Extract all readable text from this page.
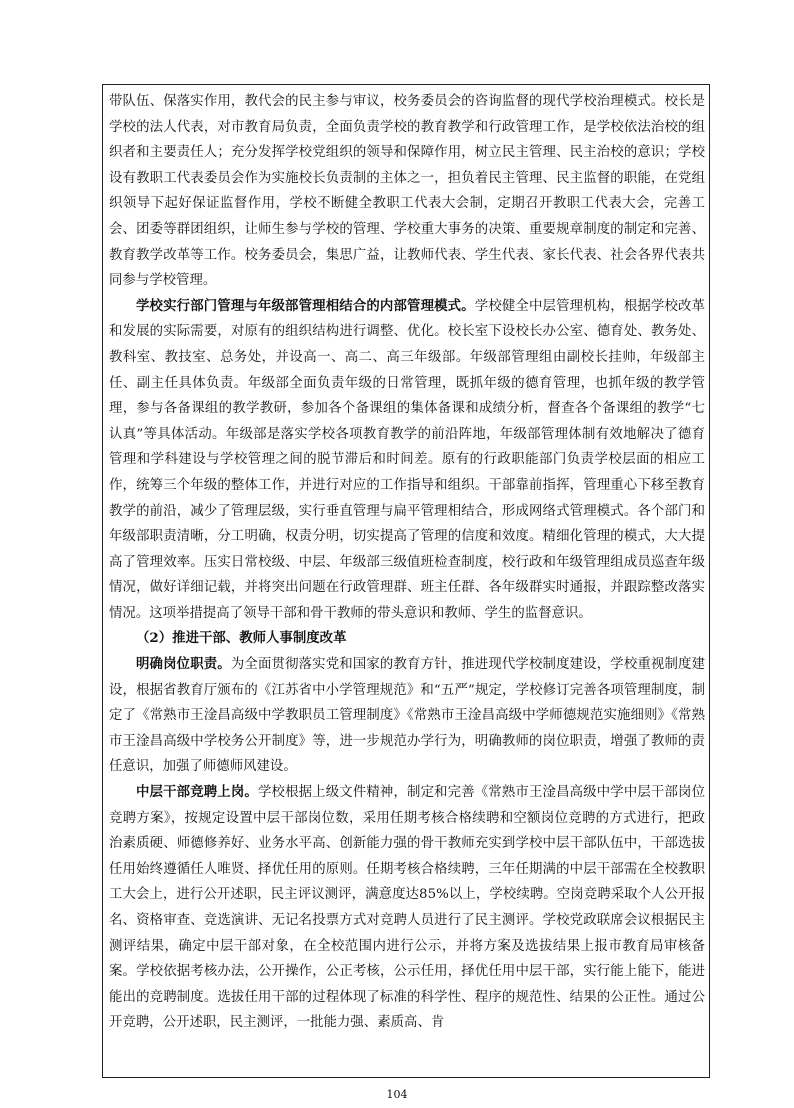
带队伍、保落实作用，教代会的民主参与审议，校务委员会的咨询监督的现代学校治理模式。校长是学校的法人代表，对市教育局负责，全面负责学校的教育教学和行政管理工作，是学校依法治校的组织者和主要责任人；充分发挥学校党组织的领导和保障作用，树立民主管理、民主治校的意识；学校设有教职工代表委员会作为实施校长负责制的主体之一，担负着民主管理、民主监督的职能，在党组织领导下起好保证监督作用，学校不断健全教职工代表大会制，定期召开教职工代表大会，完善工会、团委等群团组织，让师生参与学校的管理、学校重大事务的决策、重要规章制度的制定和完善、教育教学改革等工作。校务委员会，集思广益，让教师代表、学生代表、家长代表、社会各界代表共同参与学校管理。

学校实行部门管理与年级部管理相结合的内部管理模式。学校健全中层管理机构，根据学校改革和发展的实际需要，对原有的组织结构进行调整、优化。校长室下设校长办公室、德育处、教务处、教科室、教技室、总务处，并设高一、高二、高三年级部。年级部管理组由副校长挂帅，年级部主任、副主任具体负责。年级部全面负责年级的日常管理，既抓年级的德育管理，也抓年级的教学管理，参与各备课组的教学教研，参加各个备课组的集体备课和成绩分析，督查各个备课组的教学“七认真”等具体活动。年级部是落实学校各项教育教学的前沿阵地，年级部管理体制有效地解决了德育管理和学科建设与学校管理之间的脱节滞后和时间差。原有的行政职能部门负责学校层面的相应工作，统筹三个年级的整体工作，并进行对应的工作指导和组织。干部靠前指挥，管理重心下移至教育教学的前沿，减少了管理层级，实行垂直管理与扁平管理相结合，形成网络式管理模式。各个部门和年级部职责清晰，分工明确，权责分明，切实提高了管理的信度和效度。精细化管理的模式，大大提高了管理效率。压实日常校级、中层、年级部三级值班检查制度，校行政和年级管理组成员巡查年级情况，做好详细记载，并将突出问题在行政管理群、班主任群、各年级群实时通报，并跟踪整改落实情况。这项举措提高了领导干部和骨干教师的带头意识和教师、学生的监督意识。

（2）推进干部、教师人事制度改革

明确岗位职责。为全面贯彻落实党和国家的教育方针，推进现代学校制度建设，学校重视制度建设，根据省教育厅颁布的《江苏省中小学管理规范》和“五严”规定，学校修订完善各项管理制度，制定了《常熟市王淦昌高级中学教职员工管理制度》《常熟市王淦昌高级中学师德规范实施细则》《常熟市王淦昌高级中学校务公开制度》等，进一步规范办学行为，明确教师的岗位职责，增强了教师的责任意识，加强了师德师风建设。

中层干部竞聘上岗。学校根据上级文件精神，制定和完善《常熟市王淦昌高级中学中层干部岗位竞聘方案》，按规定设置中层干部岗位数，采用任期考核合格续聘和空额岗位竞聘的方式进行，把政治素质硬、师德修养好、业务水平高、创新能力强的骨干教师充实到学校中层干部队伍中，干部选拔任用始终遵循任人唯贤、择优任用的原则。任期考核合格续聘，三年任期满的中层干部需在全校教职工大会上，进行公开述职，民主评议测评，满意度达85%以上，学校续聘。空岗竞聘采取个人公开报名、资格审查、竞选演讲、无记名投票方式对竞聘人员进行了民主测评。学校党政联席会议根据民主测评结果，确定中层干部对象，在全校范围内进行公示，并将方案及选拔结果上报市教育局审核备案。学校依据考核办法，公开操作，公正考核，公示任用，择优任用中层干部，实行能上能下，能进能出的竞聘制度。选拔任用干部的过程体现了标准的科学性、程序的规范性、结果的公正性。通过公开竞聘，公开述职，民主测评，一批能力强、素质高、肯

104
